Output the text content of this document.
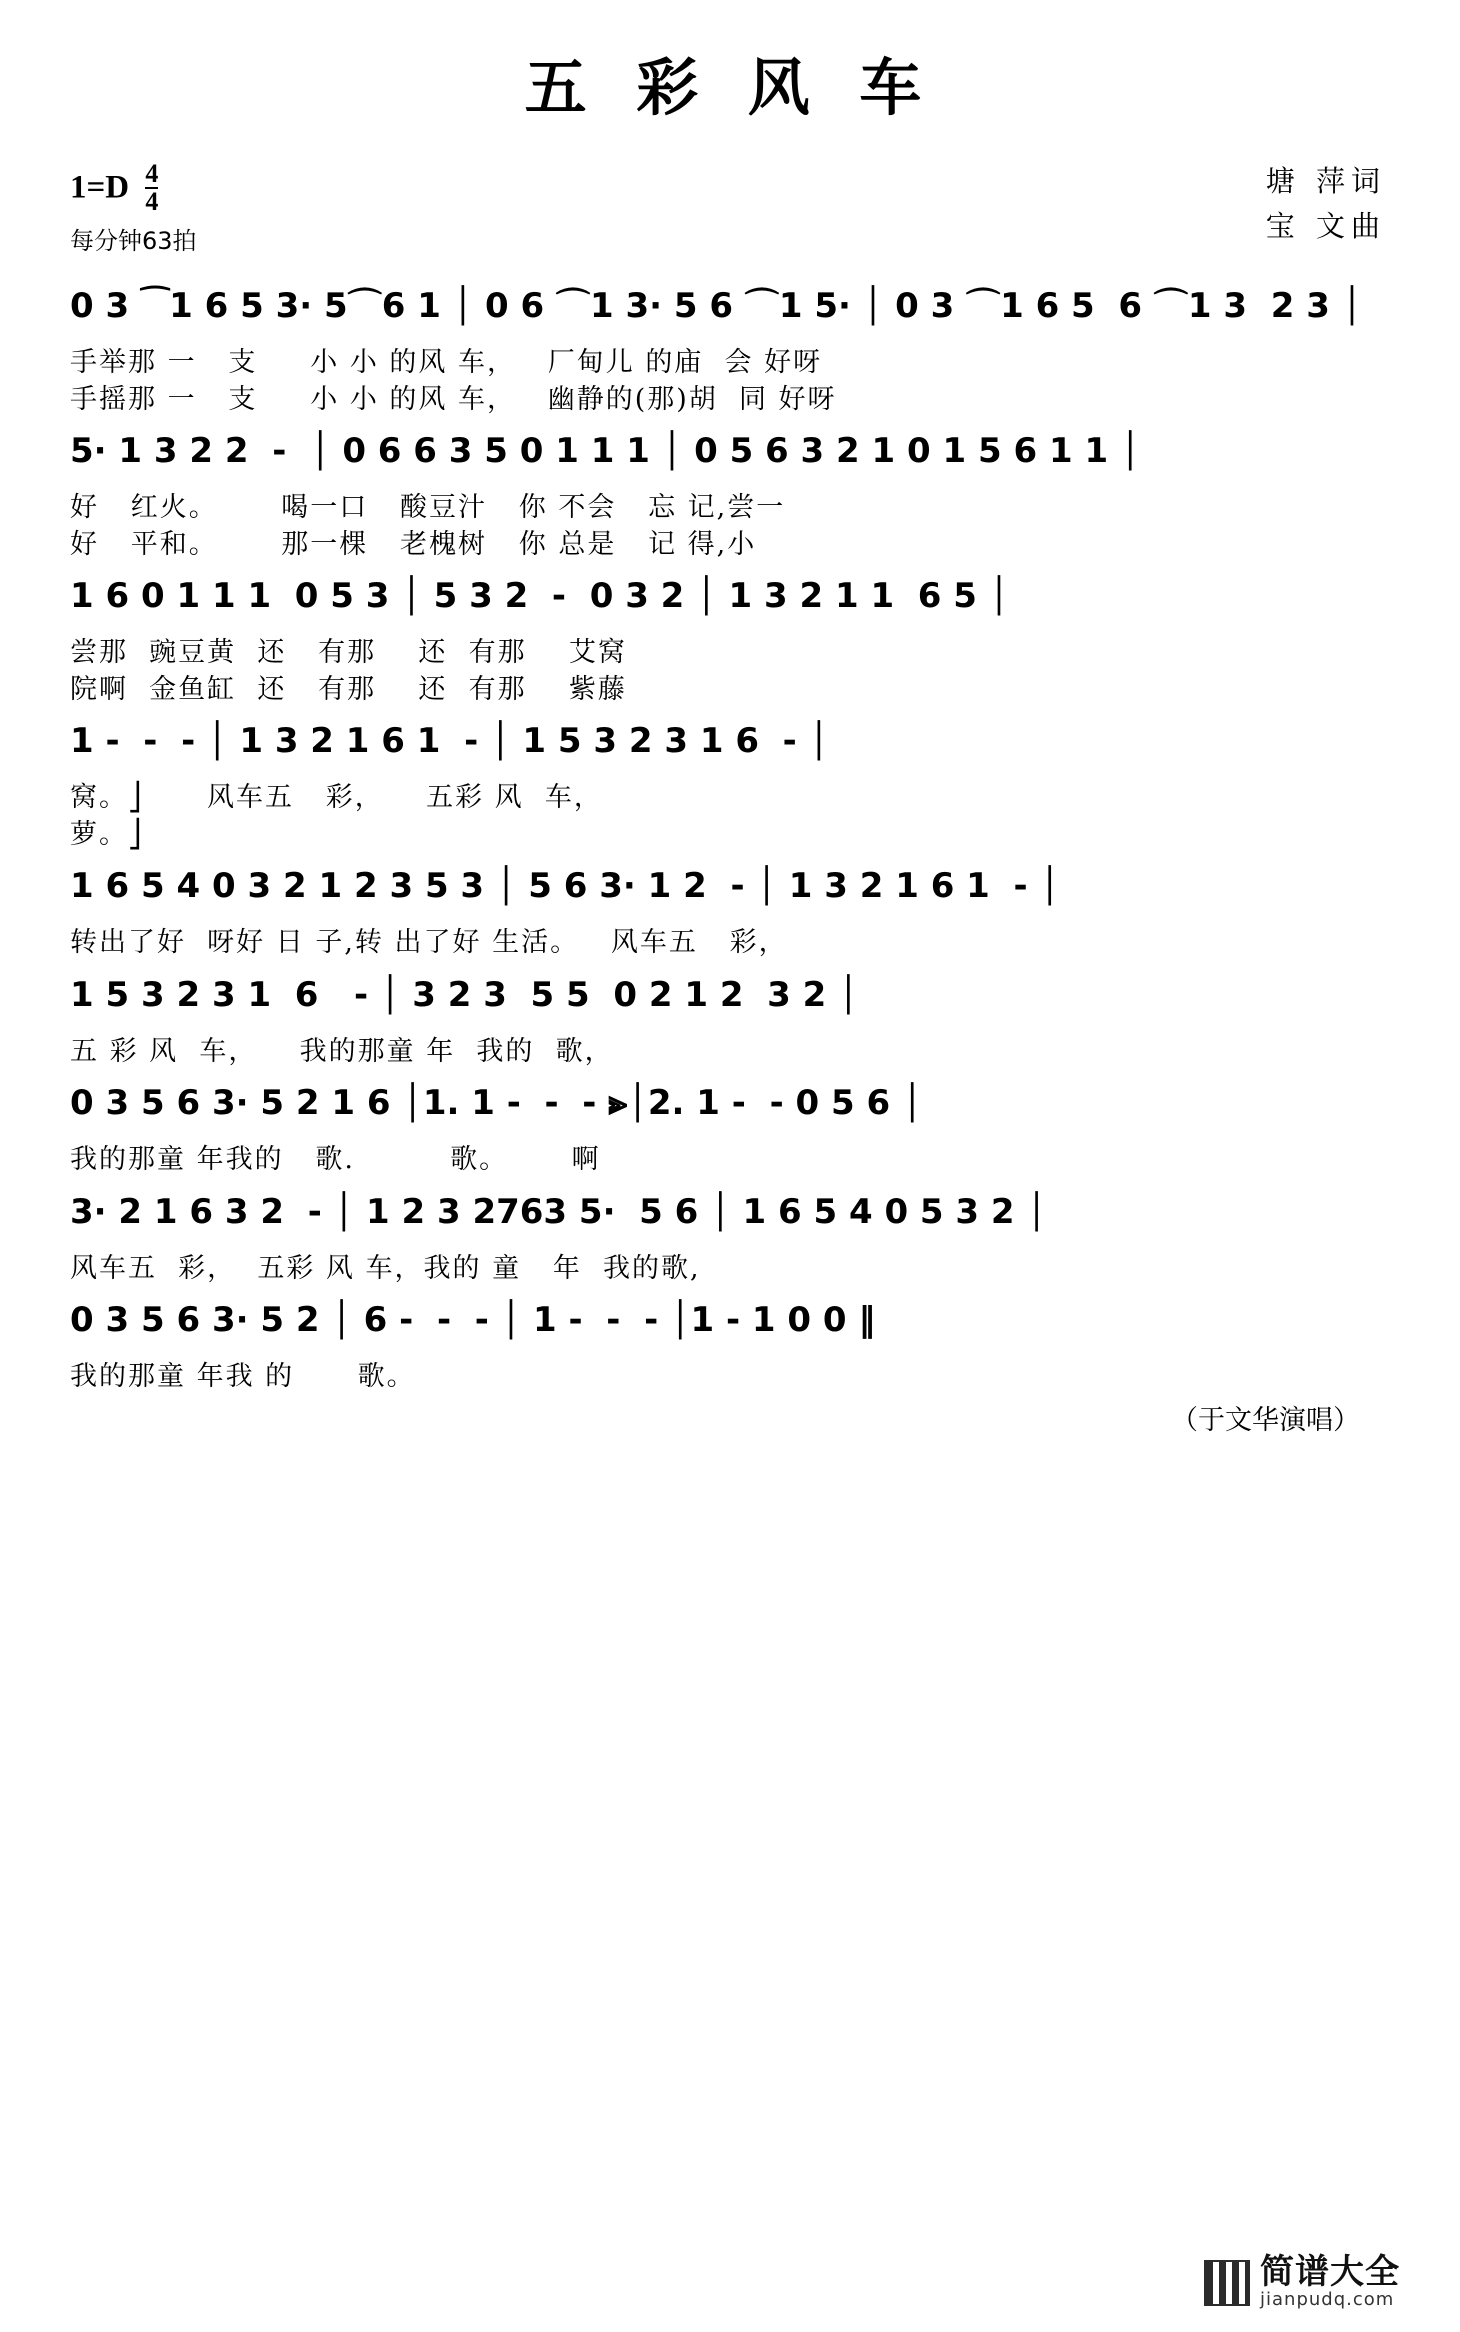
五 彩 风 车
$1=D \frac{4}{4}$
每分钟63拍
塘 萍词
宝 文曲
0 3 ⁀1 6 5 3· 5⌒6 1 │ 0 6 ⌒1 3· 5 6 ⌒1 5· │ 0 3 ⌒1 6 5  6 ⌒1 3  2 3 │
手举那 一   支     小 小 的风 车，   厂甸儿 的庙  会 好呀
手摇那 一   支     小 小 的风 车，   幽静的(那)胡  同 好呀
5· 1 3 2 2  -  │ 0 6 6 3 5 0 1 1 1 │ 0 5 6 3 2 1 0 1 5 6 1 1 │
好   红火。      喝一口   酸豆汁   你 不会   忘 记,尝一
好   平和。      那一棵   老槐树   你 总是   记 得,小
1 6 0 1 1 1  0 5 3 │ 5 3 2  -  0 3 2 │ 1 3 2 1 1  6 5 │
尝那  豌豆黄  还   有那    还  有那    艾窝
院啊  金鱼缸  还   有那    还  有那    紫藤
1 -  -  - │ 1 3 2 1 6 1  - │ 1 5 3 2 3 1 6  - │
窝。⎦      风车五   彩，    五彩 风  车，
萝。⎦
1 6 5 4 0 3 2 1 2 3 5 3 │ 5 6 3· 1 2  - │ 1 3 2 1 6 1  - │
转出了好  呀好 日 子,转 出了好 生活。   风车五   彩，
1 5 3 2 3 1  6   - │ 3 2 3  5 5  0 2 1 2  3 2 │
五 彩 风  车，    我的那童 年  我的  歌，
0 3 5 6 3· 5 2 1 6 │1. 1 -  -  - ⫸│2. 1 -  - 0 5 6 │
我的那童 年我的   歌.         歌。      啊
3· 2 1 6 3 2  - │ 1 2 3 2763 5·  5 6 │ 1 6 5 4 0 5 3 2 │
风车五  彩，  五彩 风 车，我的 童   年  我的歌,
0 3 5 6 3· 5 2 │ 6 -  -  - │ 1 -  -  - │1 - 1 0 0 ‖
我的那童 年我 的      歌。
（于文华演唱）
简谱大全
jianpudq.com
